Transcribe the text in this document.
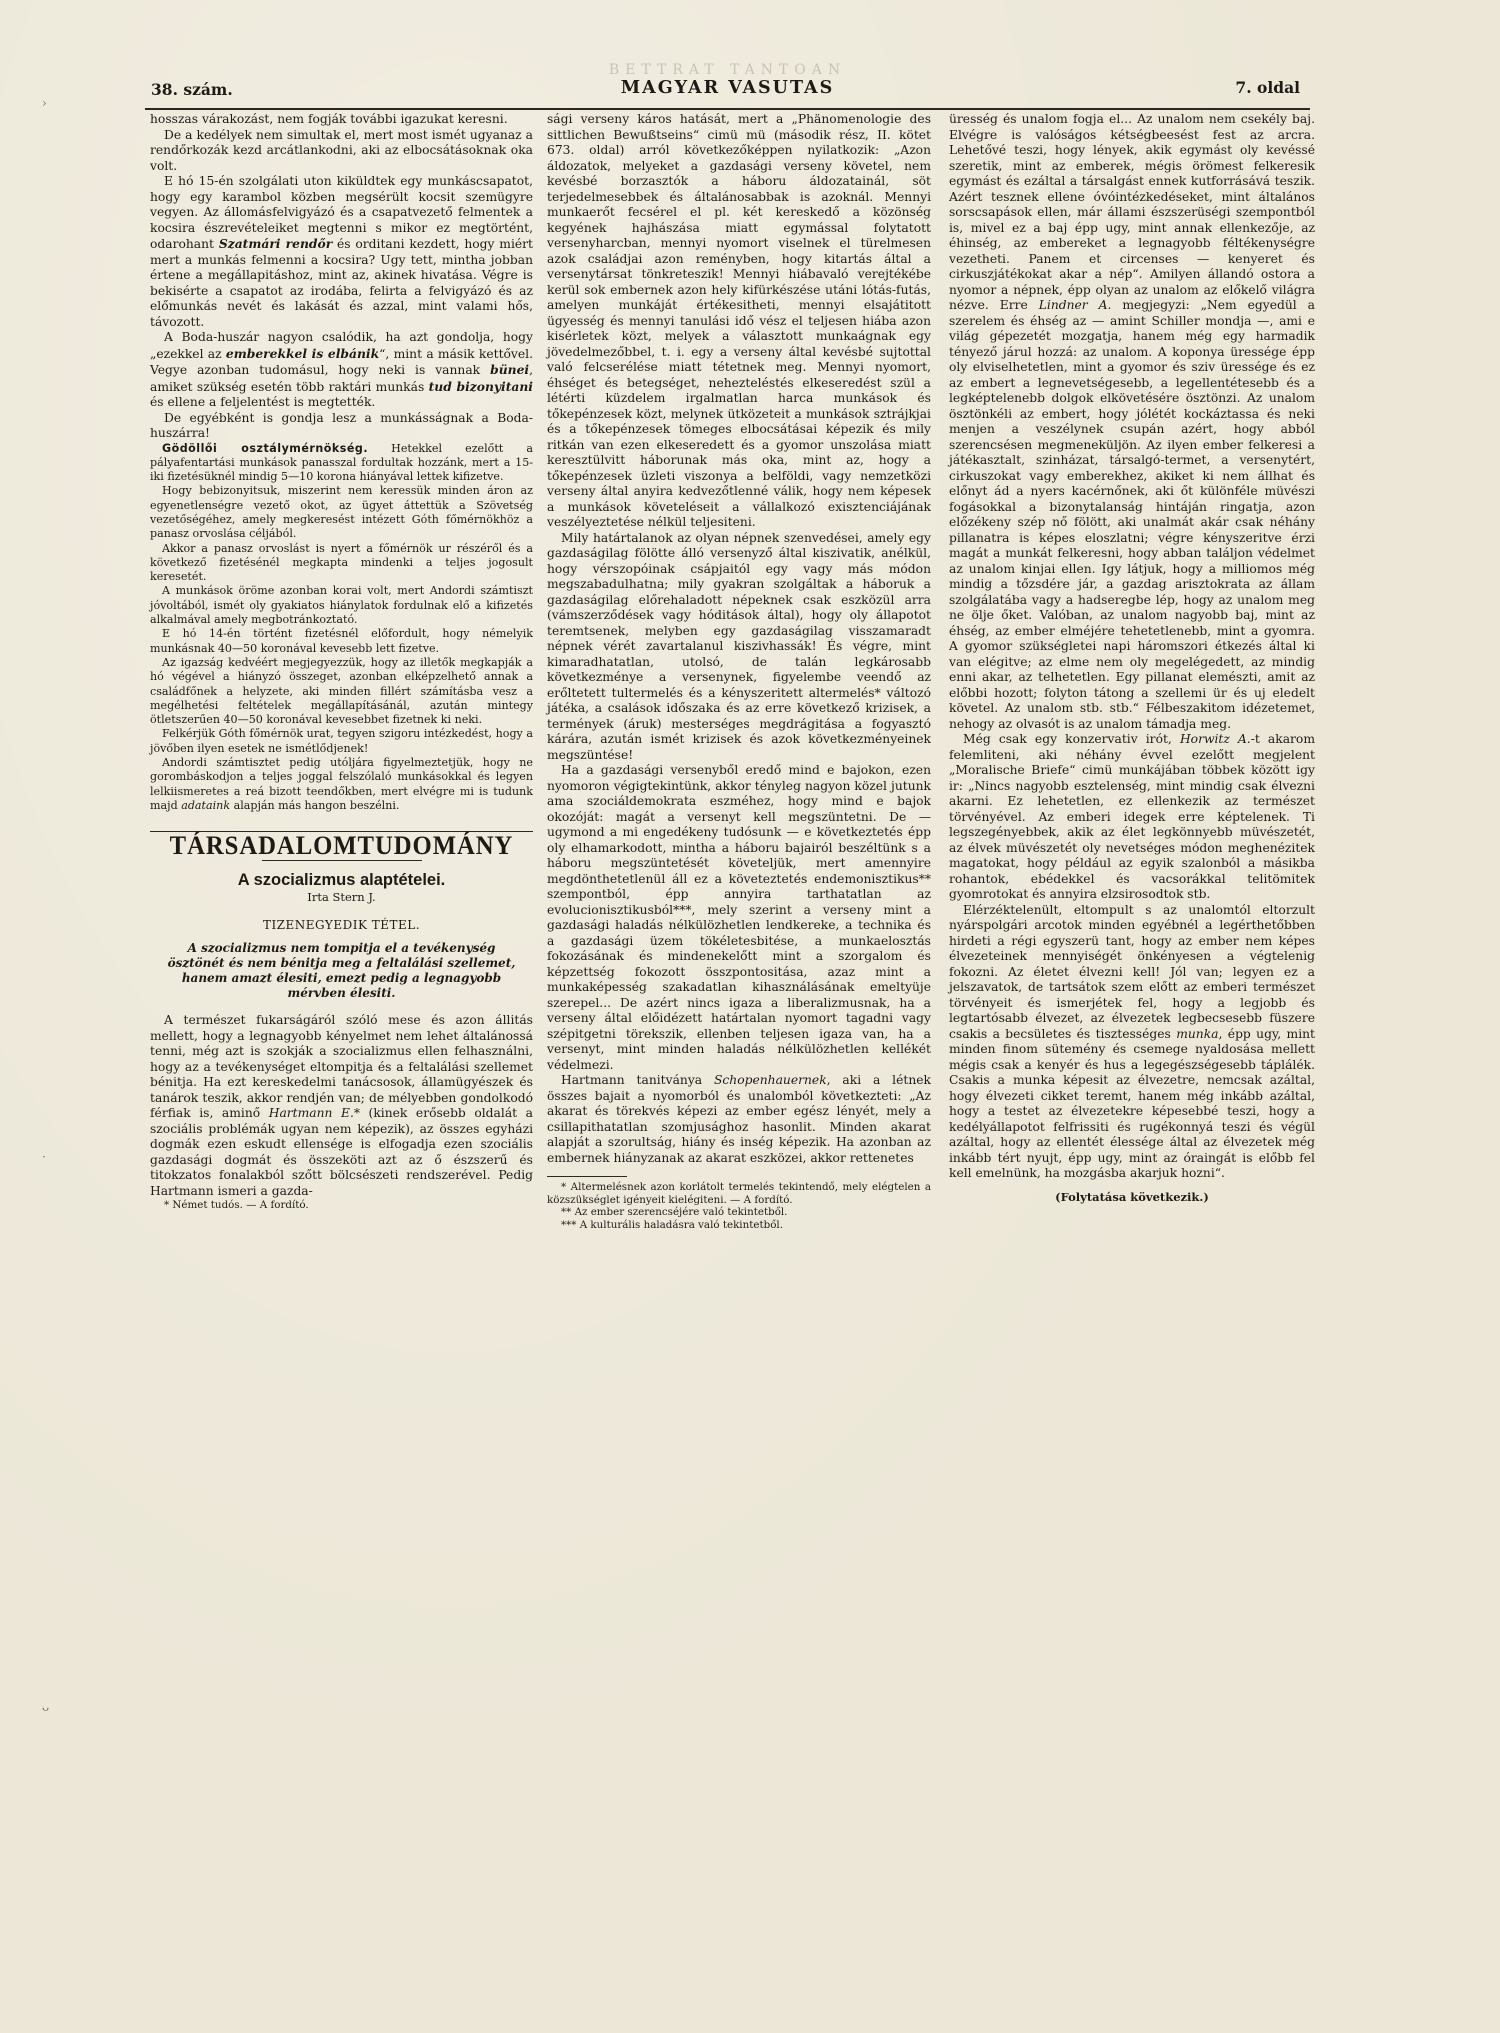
BETTRAT TANTOAN
38. szám.	MAGYAR VASUTAS	7. oldal
›
·
ᴗ

hosszas várakozást, nem fogják további igazukat keresni.

De a kedélyek nem simultak el, mert most ismét ugyanaz a rendőrkozák kezd arcátlankodni, aki az elbocsátásoknak oka volt.

E hó 15-én szolgálati uton kiküldtek egy munkáscsapatot, hogy egy karambol közben megsérült kocsit szemügyre vegyen. Az állomásfelvigyázó és a csapatvezető felmentek a kocsira észrevételeiket megtenni s mikor ez megtörtént, odarohant Szatmári rendőr és orditani kezdett, hogy miért mert a munkás felmenni a kocsira? Ugy tett, mintha jobban értene a megállapitáshoz, mint az, akinek hivatása. Végre is bekisérte a csapatot az irodába, felirta a felvigyázó és az előmunkás nevét és lakását és azzal, mint valami hős, távozott.

A Boda-huszár nagyon csalódik, ha azt gondolja, hogy „ezekkel az emberekkel is elbánik“, mint a másik kettővel. Vegye azonban tudomásul, hogy neki is vannak bünei, amiket szükség esetén több raktári munkás tud bizonyitani és ellene a feljelentést is megtették.

De egyébként is gondja lesz a munkásságnak a Boda-huszárra!

Gödöllői osztálymérnökség. Hetekkel ezelőtt a pályafentartási munkások panasszal fordultak hozzánk, mert a 15-iki fizetésüknél mindig 5—10 korona hiányával lettek kifizetve.

Hogy bebizonyitsuk, miszerint nem keressük minden áron az egyenetlenségre vezető okot, az ügyet áttettük a Szövetség vezetőségéhez, amely megkeresést intézett Góth főmérnökhöz a panasz orvoslása céljából.

Akkor a panasz orvoslást is nyert a főmérnök ur részéről és a következő fizetésénél megkapta mindenki a teljes jogosult keresetét.

A munkások öröme azonban korai volt, mert Andordi számtiszt jóvoltából, ismét oly gyakiatos hiánylatok fordulnak elő a kifizetés alkalmával amely megbotránkoztató.

E hó 14-én történt fizetésnél előfordult, hogy némelyik munkásnak 40—50 koronával kevesebb lett fizetve.

Az igazság kedvéért megjegyezzük, hogy az illetők megkapják a hó végével a hiányzó összeget, azonban elképzelhető annak a családfőnek a helyzete, aki minden fillért számításba vesz a megélhetési feltételek megállapításánál, azután mintegy ötletszerűen 40—50 koronával kevesebbet fizetnek ki neki.

Felkérjük Góth főmérnök urat, tegyen szigoru intézkedést, hogy a jövőben ilyen esetek ne ismétlődjenek!

Andordi számtisztet pedig utóljára figyelmeztetjük, hogy ne gorombáskodjon a teljes joggal felszólaló munkásokkal és legyen lelkiismeretes a reá bizott teendőkben, mert elvégre mi is tudunk majd adataink alapján más hangon beszélni.

TÁRSADALOMTUDOMÁNY
A szocializmus alaptételei.
Irta Stern J.
TIZENEGYEDIK TÉTEL.
A szocializmus nem tompitja el a tevékenység ösztönét és nem bénitja meg a feltalálási szellemet, hanem amazt élesiti, emezt pedig a legnagyobb mérvben élesiti.

A természet fukarságáról szóló mese és azon állitás mellett, hogy a legnagyobb kényelmet nem lehet általánossá tenni, még azt is szokják a szocializmus ellen felhasználni, hogy az a tevékenységet eltompitja és a feltalálási szellemet bénitja. Ha ezt kereskedelmi tanácsosok, államügyészek és tanárok teszik, akkor rendjén van; de mélyebben gondolkodó férfiak is, aminő Hartmann E.* (kinek erősebb oldalát a szociális problémák ugyan nem képezik), az összes egyházi dogmák ezen eskudt ellensége is elfogadja ezen szociális gazdasági dogmát és összeköti azt az ő észszerű és titokzatos fonalakból szőtt bölcsészeti rendszerével. Pedig Hartmann ismeri a gazda-

* Német tudós. — A fordító.

sági verseny káros hatását, mert a „Phänomenologie des sittlichen Bewußtseins“ cimü mü (második rész, II. kötet 673. oldal) arról következőképpen nyilatkozik: „Azon áldozatok, melyeket a gazdasági verseny követel, nem kevésbé borzasztók a háboru áldozatainál, söt terjedelmesebbek és általánosabbak is azoknál. Mennyi munkaerőt fecsérel el pl. két kereskedő a közönség kegyének hajhászása miatt egymással folytatott versenyharcban, mennyi nyomort viselnek el türelmesen azok családjai azon reményben, hogy kitartás által a versenytársat tönkreteszik! Mennyi hiábavaló verejtékébe kerül sok embernek azon hely kifürkészése utáni lótás-futás, amelyen munkáját értékesitheti, mennyi elsajátitott ügyesség és mennyi tanulási idő vész el teljesen hiába azon kisérletek közt, melyek a választott munkaágnak egy jövedelmezőbbel, t. i. egy a verseny által kevésbé sujtottal való felcserélése miatt tétetnek meg. Mennyi nyomort, éhséget és betegséget, nehezteléstés elkeseredést szül a létérti küzdelem irgalmatlan harca munkások és tőkepénzesek közt, melynek ütközeteit a munkások sztrájkjai és a tőkepénzesek tömeges elbocsátásai képezik és mily ritkán van ezen elkeseredett és a gyomor unszolása miatt keresztülvitt háborunak más oka, mint az, hogy a tőkepénzesek üzleti viszonya a belföldi, vagy nemzetközi verseny által anyira kedvezőtlenné válik, hogy nem képesek a munkások követeléseit a vállalkozó exisztenciájának veszélyeztetése nélkül teljesiteni.

Mily határtalanok az olyan népnek szenvedései, amely egy gazdaságilag fölötte álló versenyző által kiszivatik, anélkül, hogy vérszopóinak csápjaitól egy vagy más módon megszabadulhatna; mily gyakran szolgáltak a háboruk a gazdaságilag előrehaladott népeknek csak eszközül arra (vámszerződések vagy hóditások által), hogy oly állapotot teremtsenek, melyben egy gazdaságilag visszamaradt népnek vérét zavartalanul kiszivhassák! És végre, mint kimaradhatatlan, utolsó, de talán legkárosabb következménye a versenynek, figyelembe veendő az erőltetett tultermelés és a kényszeritett altermelés* változó játéka, a csalások időszaka és az erre következő krizisek, a termények (áruk) mesterséges megdrágitása a fogyasztó kárára, azután ismét krizisek és azok következményeinek megszüntése!

Ha a gazdasági versenyből eredő mind e bajokon, ezen nyomoron végigtekintünk, akkor tényleg nagyon közel jutunk ama szociáldemokrata eszméhez, hogy mind e bajok okozóját: magát a versenyt kell megszüntetni. De — ugymond a mi engedékeny tudósunk — e következtetés épp oly elhamarkodott, mintha a háboru bajairól beszéltünk s a háboru megszüntetését követeljük, mert amennyire megdönthetetlenül áll ez a követeztetés endemonisztikus** szempontból, épp annyira tarthatatlan az evolucionisztikusból***, mely szerint a verseny mint a gazdasági haladás nélkülözhetlen lendkereke, a technika és a gazdasági üzem tökéletesbitése, a munkaelosztás fokozásának és mindenekelőtt mint a szorgalom és képzettség fokozott összpontositása, azaz mint a munkaképesség szakadatlan kihasználásának emeltyüje szerepel... De azért nincs igaza a liberalizmusnak, ha a verseny által előidézett határtalan nyomort tagadni vagy szépitgetni törekszik, ellenben teljesen igaza van, ha a versenyt, mint minden haladás nélkülözhetlen kellékét védelmezi.

Hartmann tanitványa Schopenhauernek, aki a létnek összes bajait a nyomorból és unalomból következteti: „Az akarat és törekvés képezi az ember egész lényét, mely a csillapithatatlan szomjusághoz hasonlit. Minden akarat alapját a szorultság, hiány és inség képezik. Ha azonban az embernek hiányzanak az akarat eszközei, akkor rettenetes

* Altermelésnek azon korlátolt termelés tekintendő, mely elégtelen a közszükséglet igényeit kielégiteni. — A fordító.

** Az ember szerencséjére való tekintetből.

*** A kulturális haladásra való tekintetből.

üresség és unalom fogja el... Az unalom nem csekély baj. Elvégre is valóságos kétségbeesést fest az arcra. Lehetővé teszi, hogy lények, akik egymást oly kevéssé szeretik, mint az emberek, mégis örömest felkeresik egymást és ezáltal a társalgást ennek kutforrásává teszik. Azért tesznek ellene óvóintézkedéseket, mint általános sorscsapások ellen, már állami észszerüségi szempontból is, mivel ez a baj épp ugy, mint annak ellenkezője, az éhinség, az embereket a legnagyobb féltékenységre vezetheti. Panem et circenses — kenyeret és cirkuszjátékokat akar a nép“. Amilyen állandó ostora a nyomor a népnek, épp olyan az unalom az előkelő világra nézve. Erre Lindner A. megjegyzi: „Nem egyedül a szerelem és éhség az — amint Schiller mondja —, ami e világ gépezetét mozgatja, hanem még egy harmadik tényező járul hozzá: az unalom. A koponya üressége épp oly elviselhetetlen, mint a gyomor és sziv üressége és ez az embert a legnevetségesebb, a legellentétesebb és a legképtelenebb dolgok elkövetésére ösztönzi. Az unalom ösztönkéli az embert, hogy jólétét kockáztassa és neki menjen a veszélynek csupán azért, hogy abból szerencsésen megmeneküljön. Az ilyen ember felkeresi a játékasztalt, szinházat, társalgó-termet, a versenytért, cirkuszokat vagy emberekhez, akiket ki nem állhat és előnyt ád a nyers kacérnőnek, aki őt különféle müvészi fogásokkal a bizonytalanság hintáján ringatja, azon előzékeny szép nő fölött, aki unalmát akár csak néhány pillanatra is képes eloszlatni; végre kényszeritve érzi magát a munkát felkeresni, hogy abban találjon védelmet az unalom kinjai ellen. Igy látjuk, hogy a milliomos még mindig a tőzsdére jár, a gazdag arisztokrata az állam szolgálatába vagy a hadseregbe lép, hogy az unalom meg ne ölje őket. Valóban, az unalom nagyobb baj, mint az éhség, az ember elméjére tehetetlenebb, mint a gyomra. A gyomor szükségletei napi háromszori étkezés által ki van elégitve; az elme nem oly megelégedett, az mindig enni akar, az telhetetlen. Egy pillanat elemészti, amit az előbbi hozott; folyton tátong a szellemi ür és uj eledelt követel. Az unalom stb. stb.“ Félbeszakitom idézetemet, nehogy az olvasót is az unalom támadja meg.

Még csak egy konzervativ irót, Horwitz A.-t akarom felemliteni, aki néhány évvel ezelőtt megjelent „Moralische Briefe“ cimü munkájában többek között igy ir: „Nincs nagyobb esztelenség, mint mindig csak élvezni akarni. Ez lehetetlen, ez ellenkezik az természet törvényével. Az emberi idegek erre képtelenek. Ti legszegényebbek, akik az élet legkönnyebb müvészetét, az élvek müvészetét oly nevetséges módon meghenézitek magatokat, hogy például az egyik szalonból a másikba rohantok, ebédekkel és vacsorákkal telitömitek gyomrotokat és annyira elzsirosodtok stb.

Elérzéktelenült, eltompult s az unalomtól eltorzult nyárspolgári arcotok minden egyébnél a legérthetőbben hirdeti a régi egyszerü tant, hogy az ember nem képes élvezeteinek mennyiségét önkényesen a végtelenig fokozni. Az életet élvezni kell! Jól van; legyen ez a jelszavatok, de tartsátok szem előtt az emberi természet törvényeit és ismerjétek fel, hogy a legjobb és legtartósabb élvezet, az élvezetek legbecsesebb füszere csakis a becsületes és tisztességes munka, épp ugy, mint minden finom sütemény és csemege nyaldosása mellett mégis csak a kenyér és hus a legegészségesebb táplálék. Csakis a munka képesit az élvezetre, nemcsak azáltal, hogy élvezeti cikket teremt, hanem még inkább azáltal, hogy a testet az élvezetekre képesebbé teszi, hogy a kedélyállapotot felfrissiti és rugékonnyá teszi és végül azáltal, hogy az ellentét élessége által az élvezetek még inkább tért nyujt, épp ugy, mint az óraingát is előbb fel kell emelnünk, ha mozgásba akarjuk hozni“.

(Folytatása következik.)
